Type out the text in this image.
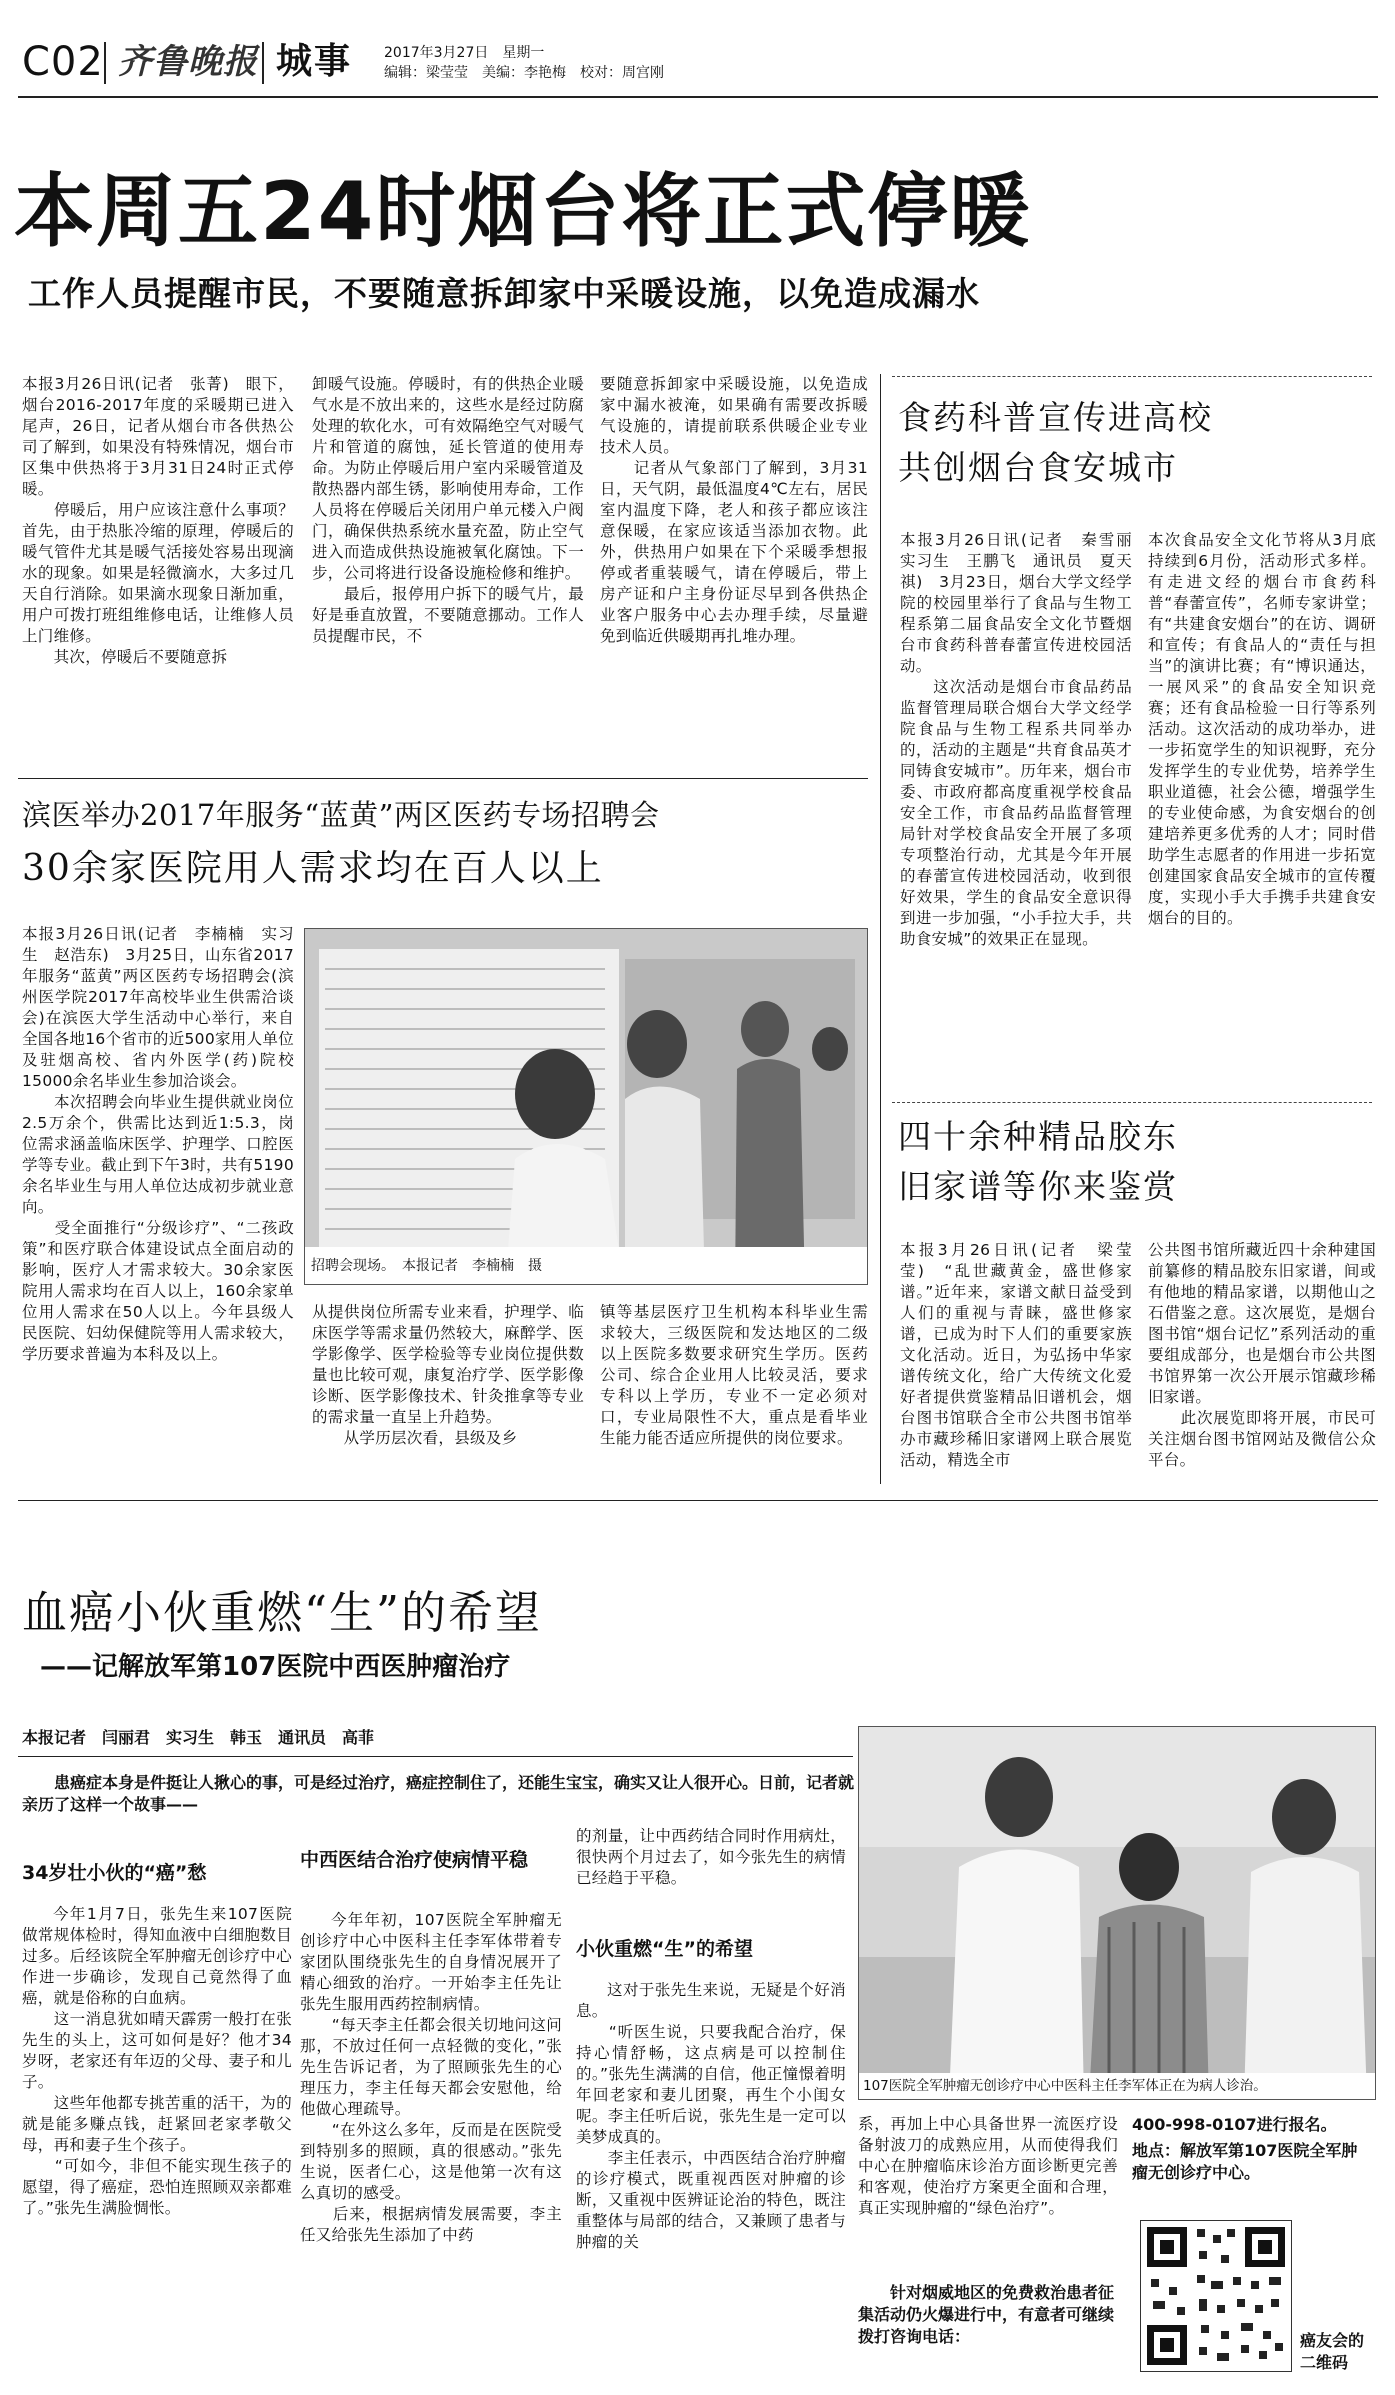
C02 齐鲁晚报 城事 2017年3月27日　星期一
编辑：梁莹莹　美编：李艳梅　校对：周宫刚
本周五24时烟台将正式停暖
工作人员提醒市民，不要随意拆卸家中采暖设施，以免造成漏水
本报3月26日讯(记者　张菁)　眼下，烟台2016-2017年度的采暖期已进入尾声，26日，记者从烟台市各供热公司了解到，如果没有特殊情况，烟台市区集中供热将于3月31日24时正式停暖。
　　停暖后，用户应该注意什么事项？首先，由于热胀冷缩的原理，停暖后的暖气管件尤其是暖气活接处容易出现滴水的现象。如果是轻微滴水，大多过几天自行消除。如果滴水现象日渐加重，用户可拨打班组维修电话，让维修人员上门维修。
　　其次，停暖后不要随意拆
卸暖气设施。停暖时，有的供热企业暖气水是不放出来的，这些水是经过防腐处理的软化水，可有效隔绝空气对暖气片和管道的腐蚀，延长管道的使用寿命。为防止停暖后用户室内采暖管道及散热器内部生锈，影响使用寿命，工作人员将在停暖后关闭用户单元楼入户阀门，确保供热系统水量充盈，防止空气进入而造成供热设施被氧化腐蚀。下一步，公司将进行设备设施检修和维护。
　　最后，报停用户拆下的暖气片，最好是垂直放置，不要随意挪动。工作人员提醒市民，不
要随意拆卸家中采暖设施，以免造成家中漏水被淹，如果确有需要改拆暖气设施的，请提前联系供暖企业专业技术人员。
　　记者从气象部门了解到，3月31日，天气阴，最低温度4℃左右，居民室内温度下降，老人和孩子都应该注意保暖，在家应该适当添加衣物。此外，供热用户如果在下个采暖季想报停或者重装暖气，请在停暖后，带上房产证和户主身份证尽早到各供热企业客户服务中心去办理手续，尽量避免到临近供暖期再扎堆办理。
食药科普宣传进高校
共创烟台食安城市
本报3月26日讯(记者　秦雪丽　实习生　王鹏飞　通讯员　夏天祺)　3月23日，烟台大学文经学院的校园里举行了食品与生物工程系第二届食品安全文化节暨烟台市食药科普春蕾宣传进校园活动。
　　这次活动是烟台市食品药品监督管理局联合烟台大学文经学院食品与生物工程系共同举办的，活动的主题是“共育食品英才　同铸食安城市”。历年来，烟台市委、市政府都高度重视学校食品安全工作，市食品药品监督管理局针对学校食品安全开展了多项专项整治行动，尤其是今年开展的春蕾宣传进校园活动，收到很好效果，学生的食品安全意识得到进一步加强，“小手拉大手，共助食安城”的效果正在显现。
本次食品安全文化节将从3月底持续到6月份，活动形式多样。有走进文经的烟台市食药科普“春蕾宣传”，名师专家讲堂；有“共建食安烟台”的在访、调研和宣传；有食品人的“责任与担当”的演讲比赛；有“博识通达，一展风采”的食品安全知识竞赛；还有食品检验一日行等系列活动。这次活动的成功举办，进一步拓宽学生的知识视野，充分发挥学生的专业优势，培养学生职业道德，社会公德，增强学生的专业使命感，为食安烟台的创建培养更多优秀的人才；同时借助学生志愿者的作用进一步拓宽创建国家食品安全城市的宣传覆度，实现小手大手携手共建食安烟台的目的。
滨医举办2017年服务“蓝黄”两区医药专场招聘会
30余家医院用人需求均在百人以上
本报3月26日讯(记者　李楠楠　实习生　赵浩东)　3月25日，山东省2017年服务“蓝黄”两区医药专场招聘会(滨州医学院2017年高校毕业生供需洽谈会)在滨医大学生活动中心举行，来自全国各地16个省市的近500家用人单位及驻烟高校、省内外医学(药)院校15000余名毕业生参加洽谈会。
　　本次招聘会向毕业生提供就业岗位2.5万余个，供需比达到近1:5.3，岗位需求涵盖临床医学、护理学、口腔医学等专业。截止到下午3时，共有5190余名毕业生与用人单位达成初步就业意向。
　　受全面推行“分级诊疗”、“二孩政策”和医疗联合体建设试点全面启动的影响，医疗人才需求较大。30余家医院用人需求均在百人以上，160余家单位用人需求在50人以上。今年县级人民医院、妇幼保健院等用人需求较大，学历要求普遍为本科及以上。
招聘会现场。　本报记者　李楠楠　摄
从提供岗位所需专业来看，护理学、临床医学等需求量仍然较大，麻醉学、医学影像学、医学检验等专业岗位提供数量也比较可观，康复治疗学、医学影像诊断、医学影像技术、针灸推拿等专业的需求量一直呈上升趋势。
　　从学历层次看，县级及乡
镇等基层医疗卫生机构本科毕业生需求较大，三级医院和发达地区的二级以上医院多数要求研究生学历。医药公司、综合企业用人比较灵活，要求专科以上学历，专业不一定必须对口，专业局限性不大，重点是看毕业生能力能否适应所提供的岗位要求。
四十余种精品胶东
旧家谱等你来鉴赏
本报3月26日讯(记者　梁莹莹)　“乱世藏黄金，盛世修家谱。”近年来，家谱文献日益受到人们的重视与青睐，盛世修家谱，已成为时下人们的重要家族文化活动。近日，为弘扬中华家谱传统文化，给广大传统文化爱好者提供赏鉴精品旧谱机会，烟台图书馆联合全市公共图书馆举办市藏珍稀旧家谱网上联合展览活动，精选全市
公共图书馆所藏近四十余种建国前纂修的精品胶东旧家谱，间或有他地的精品家谱，以期他山之石借鉴之意。这次展览，是烟台图书馆“烟台记忆”系列活动的重要组成部分，也是烟台市公共图书馆界第一次公开展示馆藏珍稀旧家谱。
　　此次展览即将开展，市民可关注烟台图书馆网站及微信公众平台。
血癌小伙重燃“生”的希望
——记解放军第107医院中西医肿瘤治疗
本报记者　闫丽君　实习生　韩玉　通讯员　高菲
患癌症本身是件挺让人揪心的事，可是经过治疗，癌症控制住了，还能生宝宝，确实又让人很开心。日前，记者就亲历了这样一个故事——
34岁壮小伙的“癌”愁
今年1月7日，张先生来107医院做常规体检时，得知血液中白细胞数目过多。后经该院全军肿瘤无创诊疗中心作进一步确诊，发现自己竟然得了血癌，就是俗称的白血病。
　　这一消息犹如晴天霹雳一般打在张先生的头上，这可如何是好？他才34岁呀，老家还有年迈的父母、妻子和儿子。
　　这些年他都专挑苦重的活干，为的就是能多赚点钱，赶紧回老家孝敬父母，再和妻子生个孩子。
　　“可如今，非但不能实现生孩子的愿望，得了癌症，恐怕连照顾双亲都难了。”张先生满脸惆怅。
中西医结合治疗使病情平稳
今年年初，107医院全军肿瘤无创诊疗中心中医科主任李军体带着专家团队围绕张先生的自身情况展开了精心细致的治疗。一开始李主任先让张先生服用西药控制病情。
　　“每天李主任都会很关切地问这问那，不放过任何一点轻微的变化，”张先生告诉记者，为了照顾张先生的心理压力，李主任每天都会安慰他，给他做心理疏导。
　　“在外这么多年，反而是在医院受到特别多的照顾，真的很感动。”张先生说，医者仁心，这是他第一次有这么真切的感受。
　　后来，根据病情发展需要，李主任又给张先生添加了中药
的剂量，让中西药结合同时作用病灶，很快两个月过去了，如今张先生的病情已经趋于平稳。
小伙重燃“生”的希望
这对于张先生来说，无疑是个好消息。
　　“听医生说，只要我配合治疗，保持心情舒畅，这点病是可以控制住的。”张先生满满的自信，他正憧憬着明年回老家和妻儿团聚，再生个小闺女呢。李主任听后说，张先生是一定可以美梦成真的。
　　李主任表示，中西医结合治疗肿瘤的诊疗模式，既重视西医对肿瘤的诊断，又重视中医辨证论治的特色，既注重整体与局部的结合，又兼顾了患者与肿瘤的关
107医院全军肿瘤无创诊疗中心中医科主任李军体正在为病人诊治。
系，再加上中心具备世界一流医疗设备射波刀的成熟应用，从而使得我们中心在肿瘤临床诊治方面诊断更完善和客观，使治疗方案更全面和合理，真正实现肿瘤的“绿色治疗”。
针对烟威地区的免费救治患者征集活动仍火爆进行中，有意者可继续拨打咨询电话：
400-998-0107进行报名。
地点：解放军第107医院全军肿瘤无创诊疗中心。
癌友会的二维码
